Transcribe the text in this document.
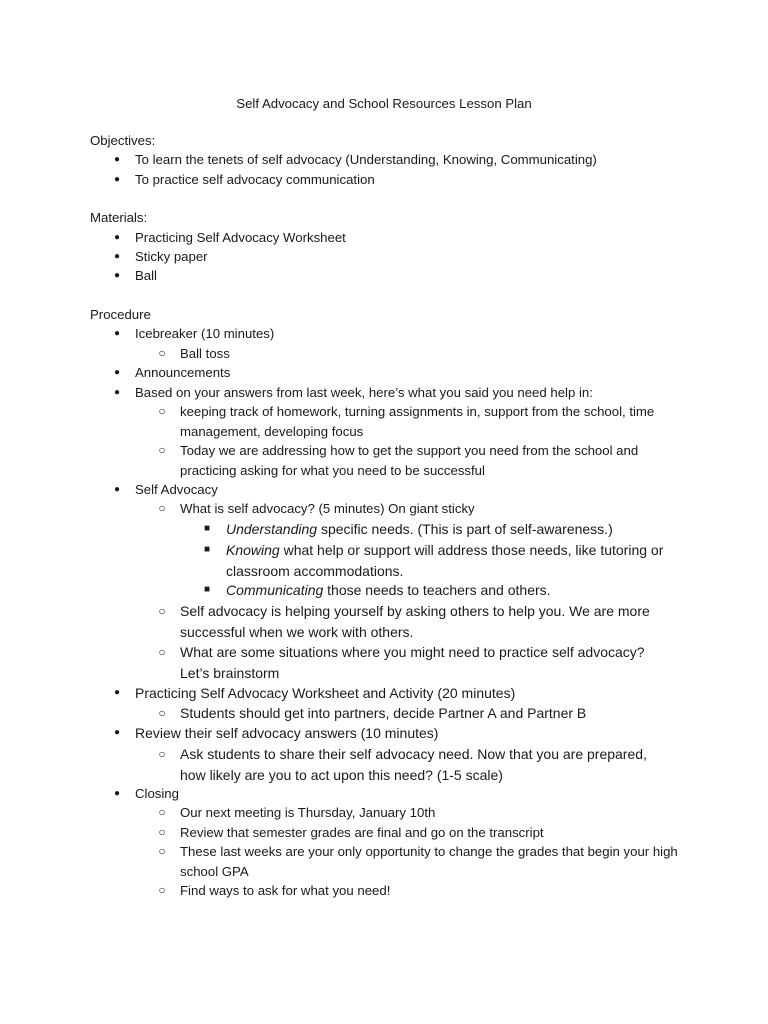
Self Advocacy and School Resources Lesson Plan
Objectives:
●	To learn the tenets of self advocacy (Understanding, Knowing, Communicating)
●	To practice self advocacy communication
Materials:
●	Practicing Self Advocacy Worksheet
●	Sticky paper
●	Ball
Procedure
●	Icebreaker (10 minutes)
○ Ball toss
●	Announcements
●	Based on your answers from last week, here’s what you said you need help in:
○ keeping track of homework, turning assignments in, support from the school, time management, developing focus
○ Today we are addressing how to get the support you need from the school and practicing asking for what you need to be successful
●	Self Advocacy
○ What is self advocacy? (5 minutes) On giant sticky
■ Understanding specific needs. (This is part of self-awareness.)
■ Knowing what help or support will address those needs, like tutoring or classroom accommodations.
■ Communicating those needs to teachers and others.
○ Self advocacy is helping yourself by asking others to help you. We are more successful when we work with others.
○ What are some situations where you might need to practice self advocacy? Let’s brainstorm
● Practicing Self Advocacy Worksheet and Activity (20 minutes)
○ Students should get into partners, decide Partner A and Partner B
● Review their self advocacy answers (10 minutes)
○ Ask students to share their self advocacy need. Now that you are prepared, how likely are you to act upon this need? (1-5 scale)
●	Closing
○ Our next meeting is Thursday, January 10th
○ Review that semester grades are final and go on the transcript
○ These last weeks are your only opportunity to change the grades that begin your high school GPA
○ Find ways to ask for what you need!
